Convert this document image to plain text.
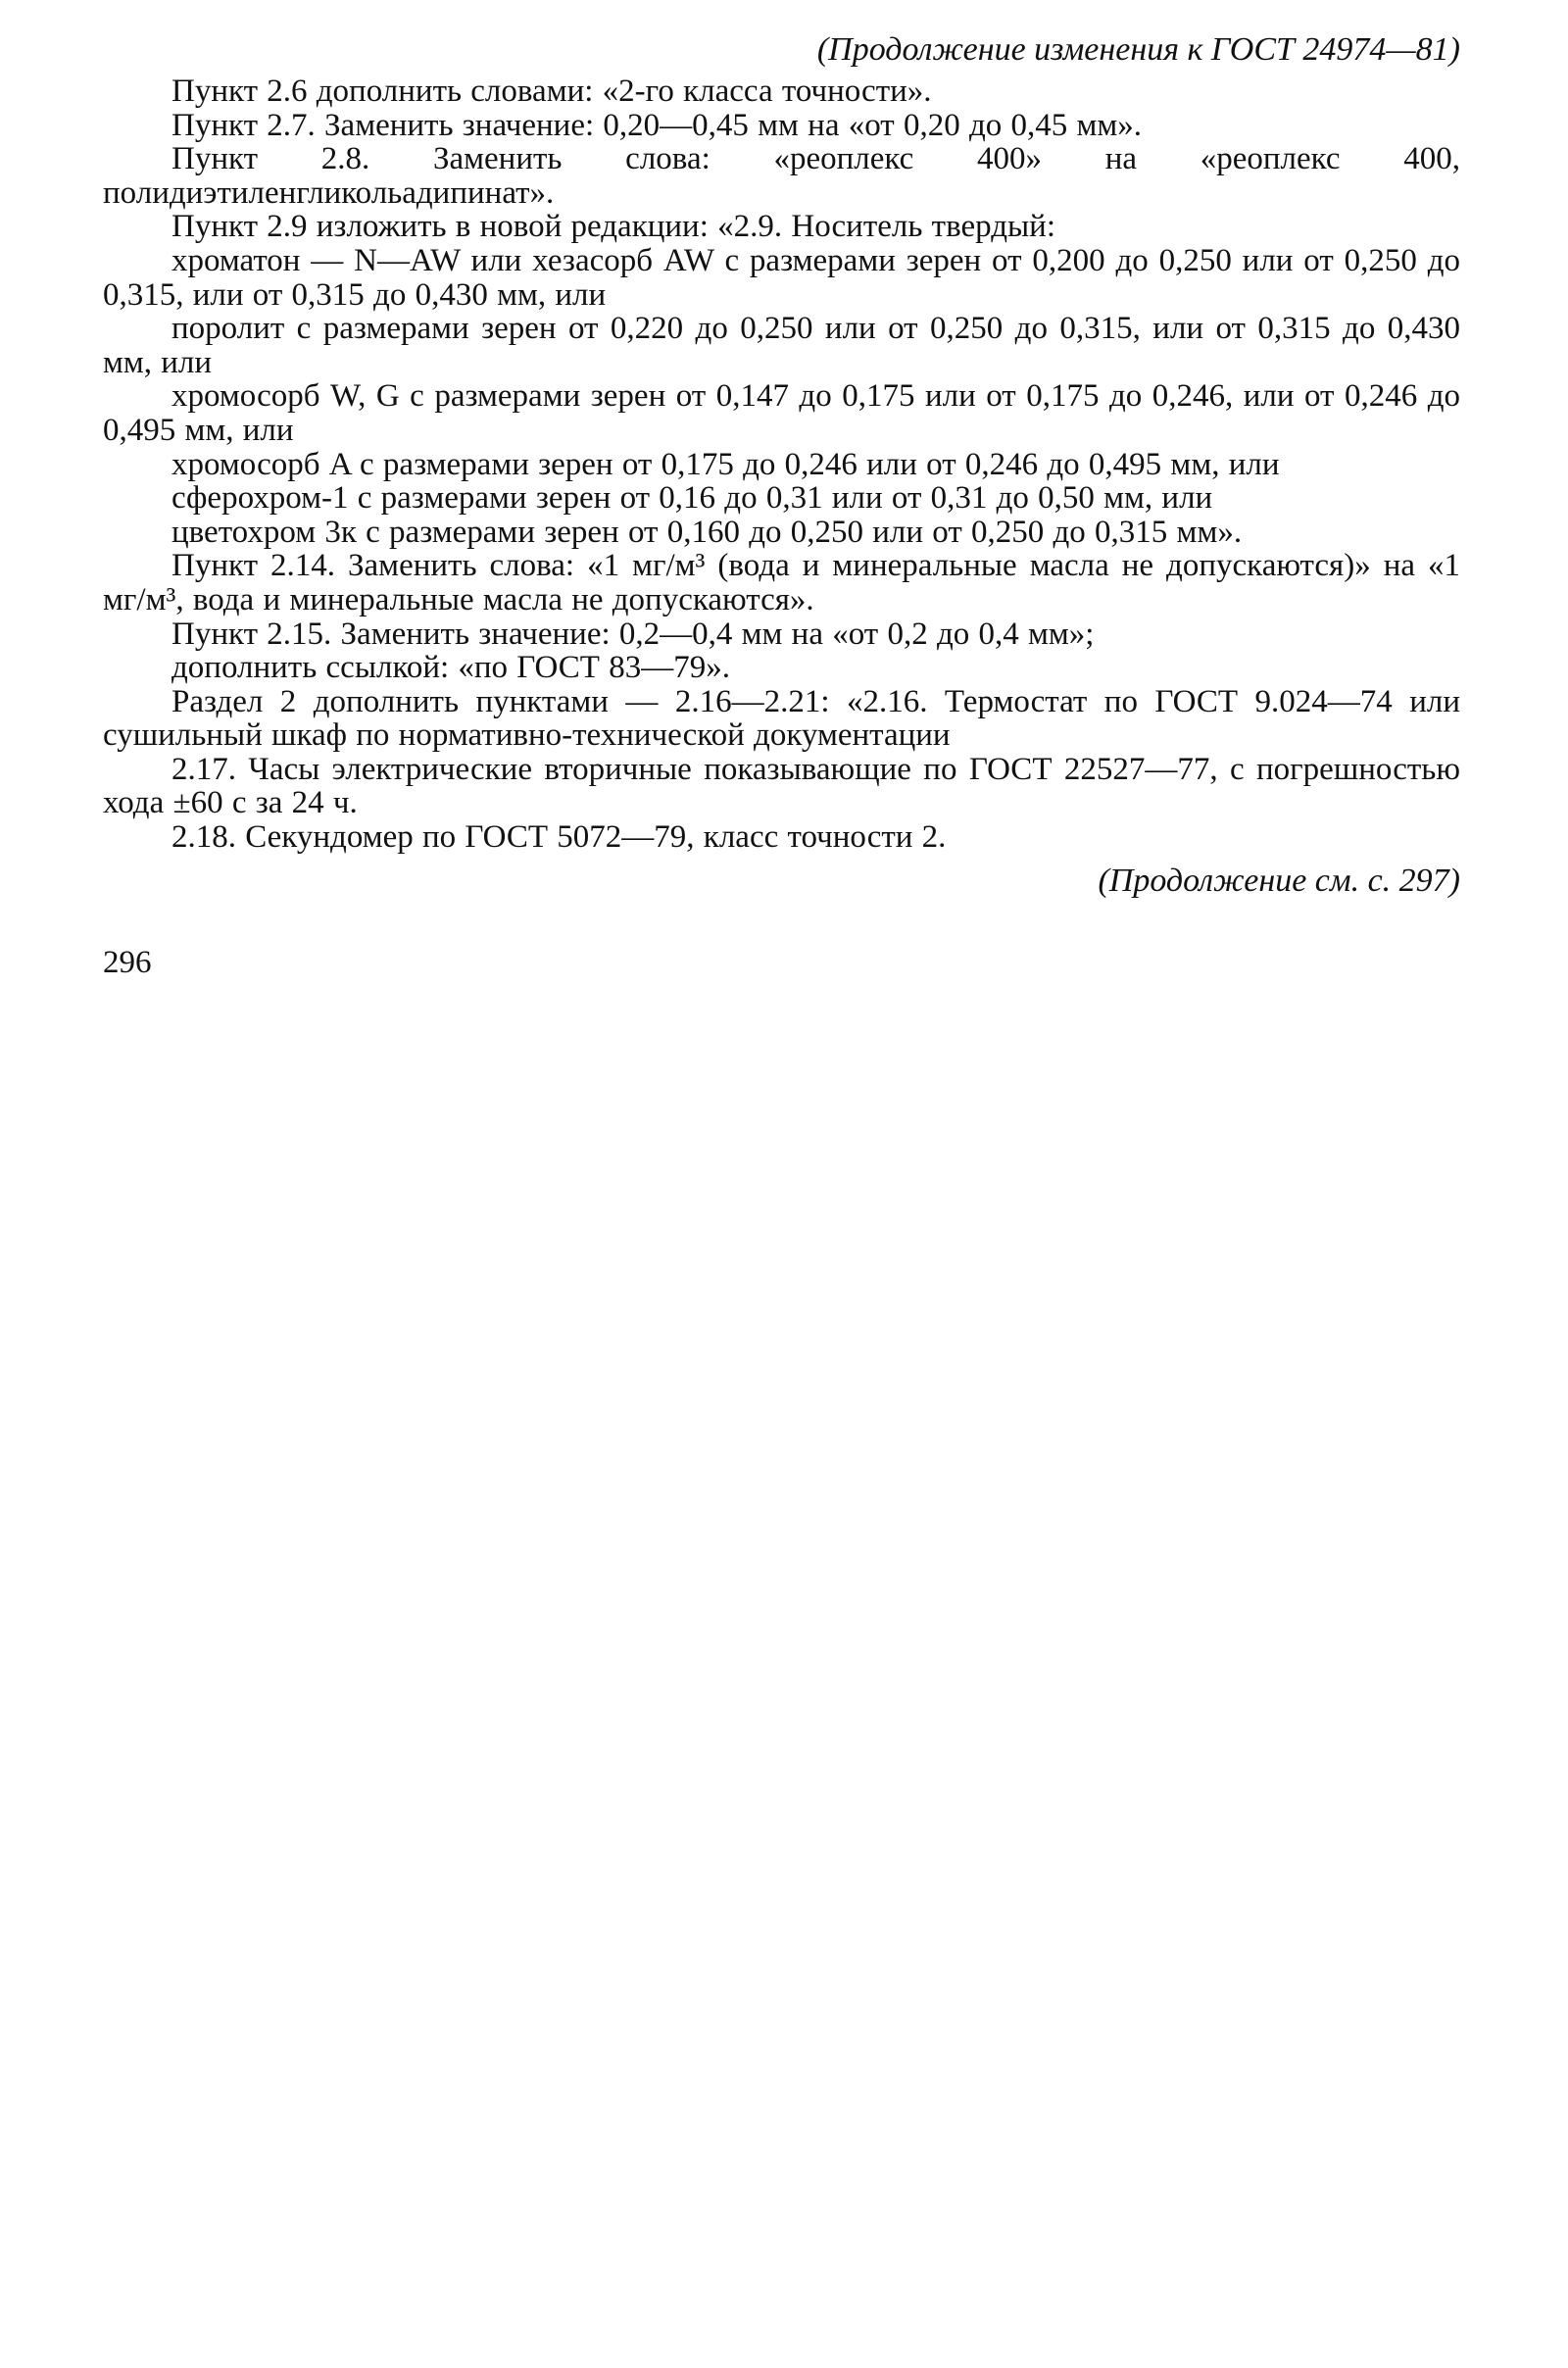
(Продолжение изменения к ГОСТ 24974—81)

Пункт 2.6 дополнить словами: «2-го класса точности».

Пункт 2.7. Заменить значение: 0,20—0,45 мм на «от 0,20 до 0,45 мм».

Пункт 2.8. Заменить слова: «реоплекс 400» на «реоплекс 400, полидиэтиленгликольадипинат».

Пункт 2.9 изложить в новой редакции: «2.9. Носитель твердый:

хроматон — N—AW или хезасорб AW с размерами зерен от 0,200 до 0,250 или от 0,250 до 0,315, или от 0,315 до 0,430 мм, или

поролит с размерами зерен от 0,220 до 0,250 или от 0,250 до 0,315, или от 0,315 до 0,430 мм, или

хромосорб W, G с размерами зерен от 0,147 до 0,175 или от 0,175 до 0,246, или от 0,246 до 0,495 мм, или

хромосорб A с размерами зерен от 0,175 до 0,246 или от 0,246 до 0,495 мм, или

сферохром-1 с размерами зерен от 0,16 до 0,31 или от 0,31 до 0,50 мм, или

цветохром 3к с размерами зерен от 0,160 до 0,250 или от 0,250 до 0,315 мм».

Пункт 2.14. Заменить слова: «1 мг/м³ (вода и минеральные масла не допускаются)» на «1 мг/м³, вода и минеральные масла не допускаются».

Пункт 2.15. Заменить значение: 0,2—0,4 мм на «от 0,2 до 0,4 мм»;

дополнить ссылкой: «по ГОСТ 83—79».

Раздел 2 дополнить пунктами — 2.16—2.21: «2.16. Термостат по ГОСТ 9.024—74 или сушильный шкаф по нормативно-технической документации

2.17. Часы электрические вторичные показывающие по ГОСТ 22527—77, с погрешностью хода ±60 с за 24 ч.

2.18. Секундомер по ГОСТ 5072—79, класс точности 2.

(Продолжение см. с. 297)
296
